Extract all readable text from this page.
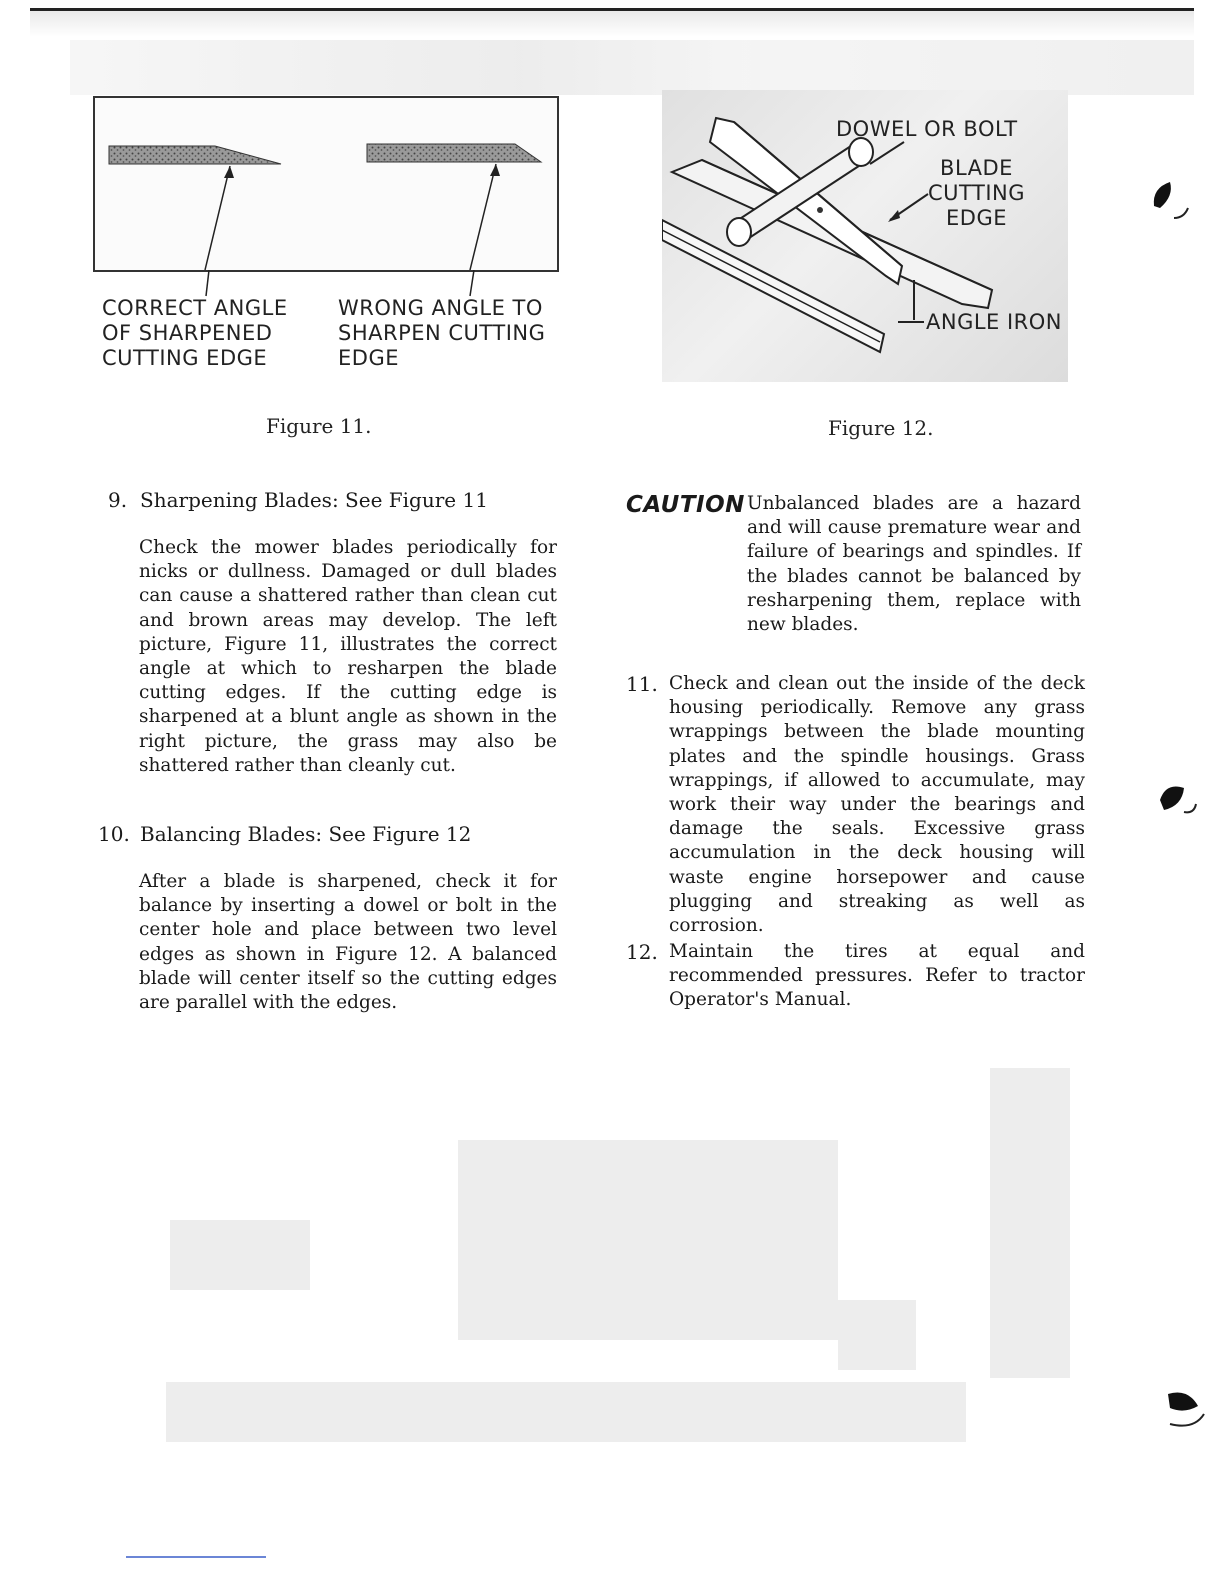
CORRECT ANGLE
OF SHARPENED
CUTTING EDGE
WRONG ANGLE TO
SHARPEN CUTTING
EDGE
Figure 11.
DOWEL OR BOLT
BLADE
CUTTING
EDGE
ANGLE IRON
Figure 12.
9. Sharpening Blades: See Figure 11
Check the mower blades periodically for nicks or dullness. Damaged or dull blades can cause a shattered rather than clean cut and brown areas may develop. The left picture, Figure 11, illustrates the correct angle at which to resharpen the blade cutting edges. If the cutting edge is sharpened at a blunt angle as shown in the right picture, the grass may also be shattered rather than cleanly cut.
10. Balancing Blades: See Figure 12
After a blade is sharpened, check it for balance by inserting a dowel or bolt in the center hole and place between two level edges as shown in Figure 12. A balanced blade will center itself so the cutting edges are parallel with the edges.
CAUTION Unbalanced blades are a hazard and will cause premature wear and failure of bearings and spindles. If the blades cannot be balanced by resharpening them, replace with new blades.
11. Check and clean out the inside of the deck housing periodically. Remove any grass wrappings between the blade mounting plates and the spindle housings. Grass wrappings, if allowed to accumulate, may work their way under the bearings and damage the seals. Excessive grass accumulation in the deck housing will waste engine horsepower and cause plugging and streaking as well as corrosion.
12. Maintain the tires at equal and recommended pressures. Refer to tractor Operator's Manual.
